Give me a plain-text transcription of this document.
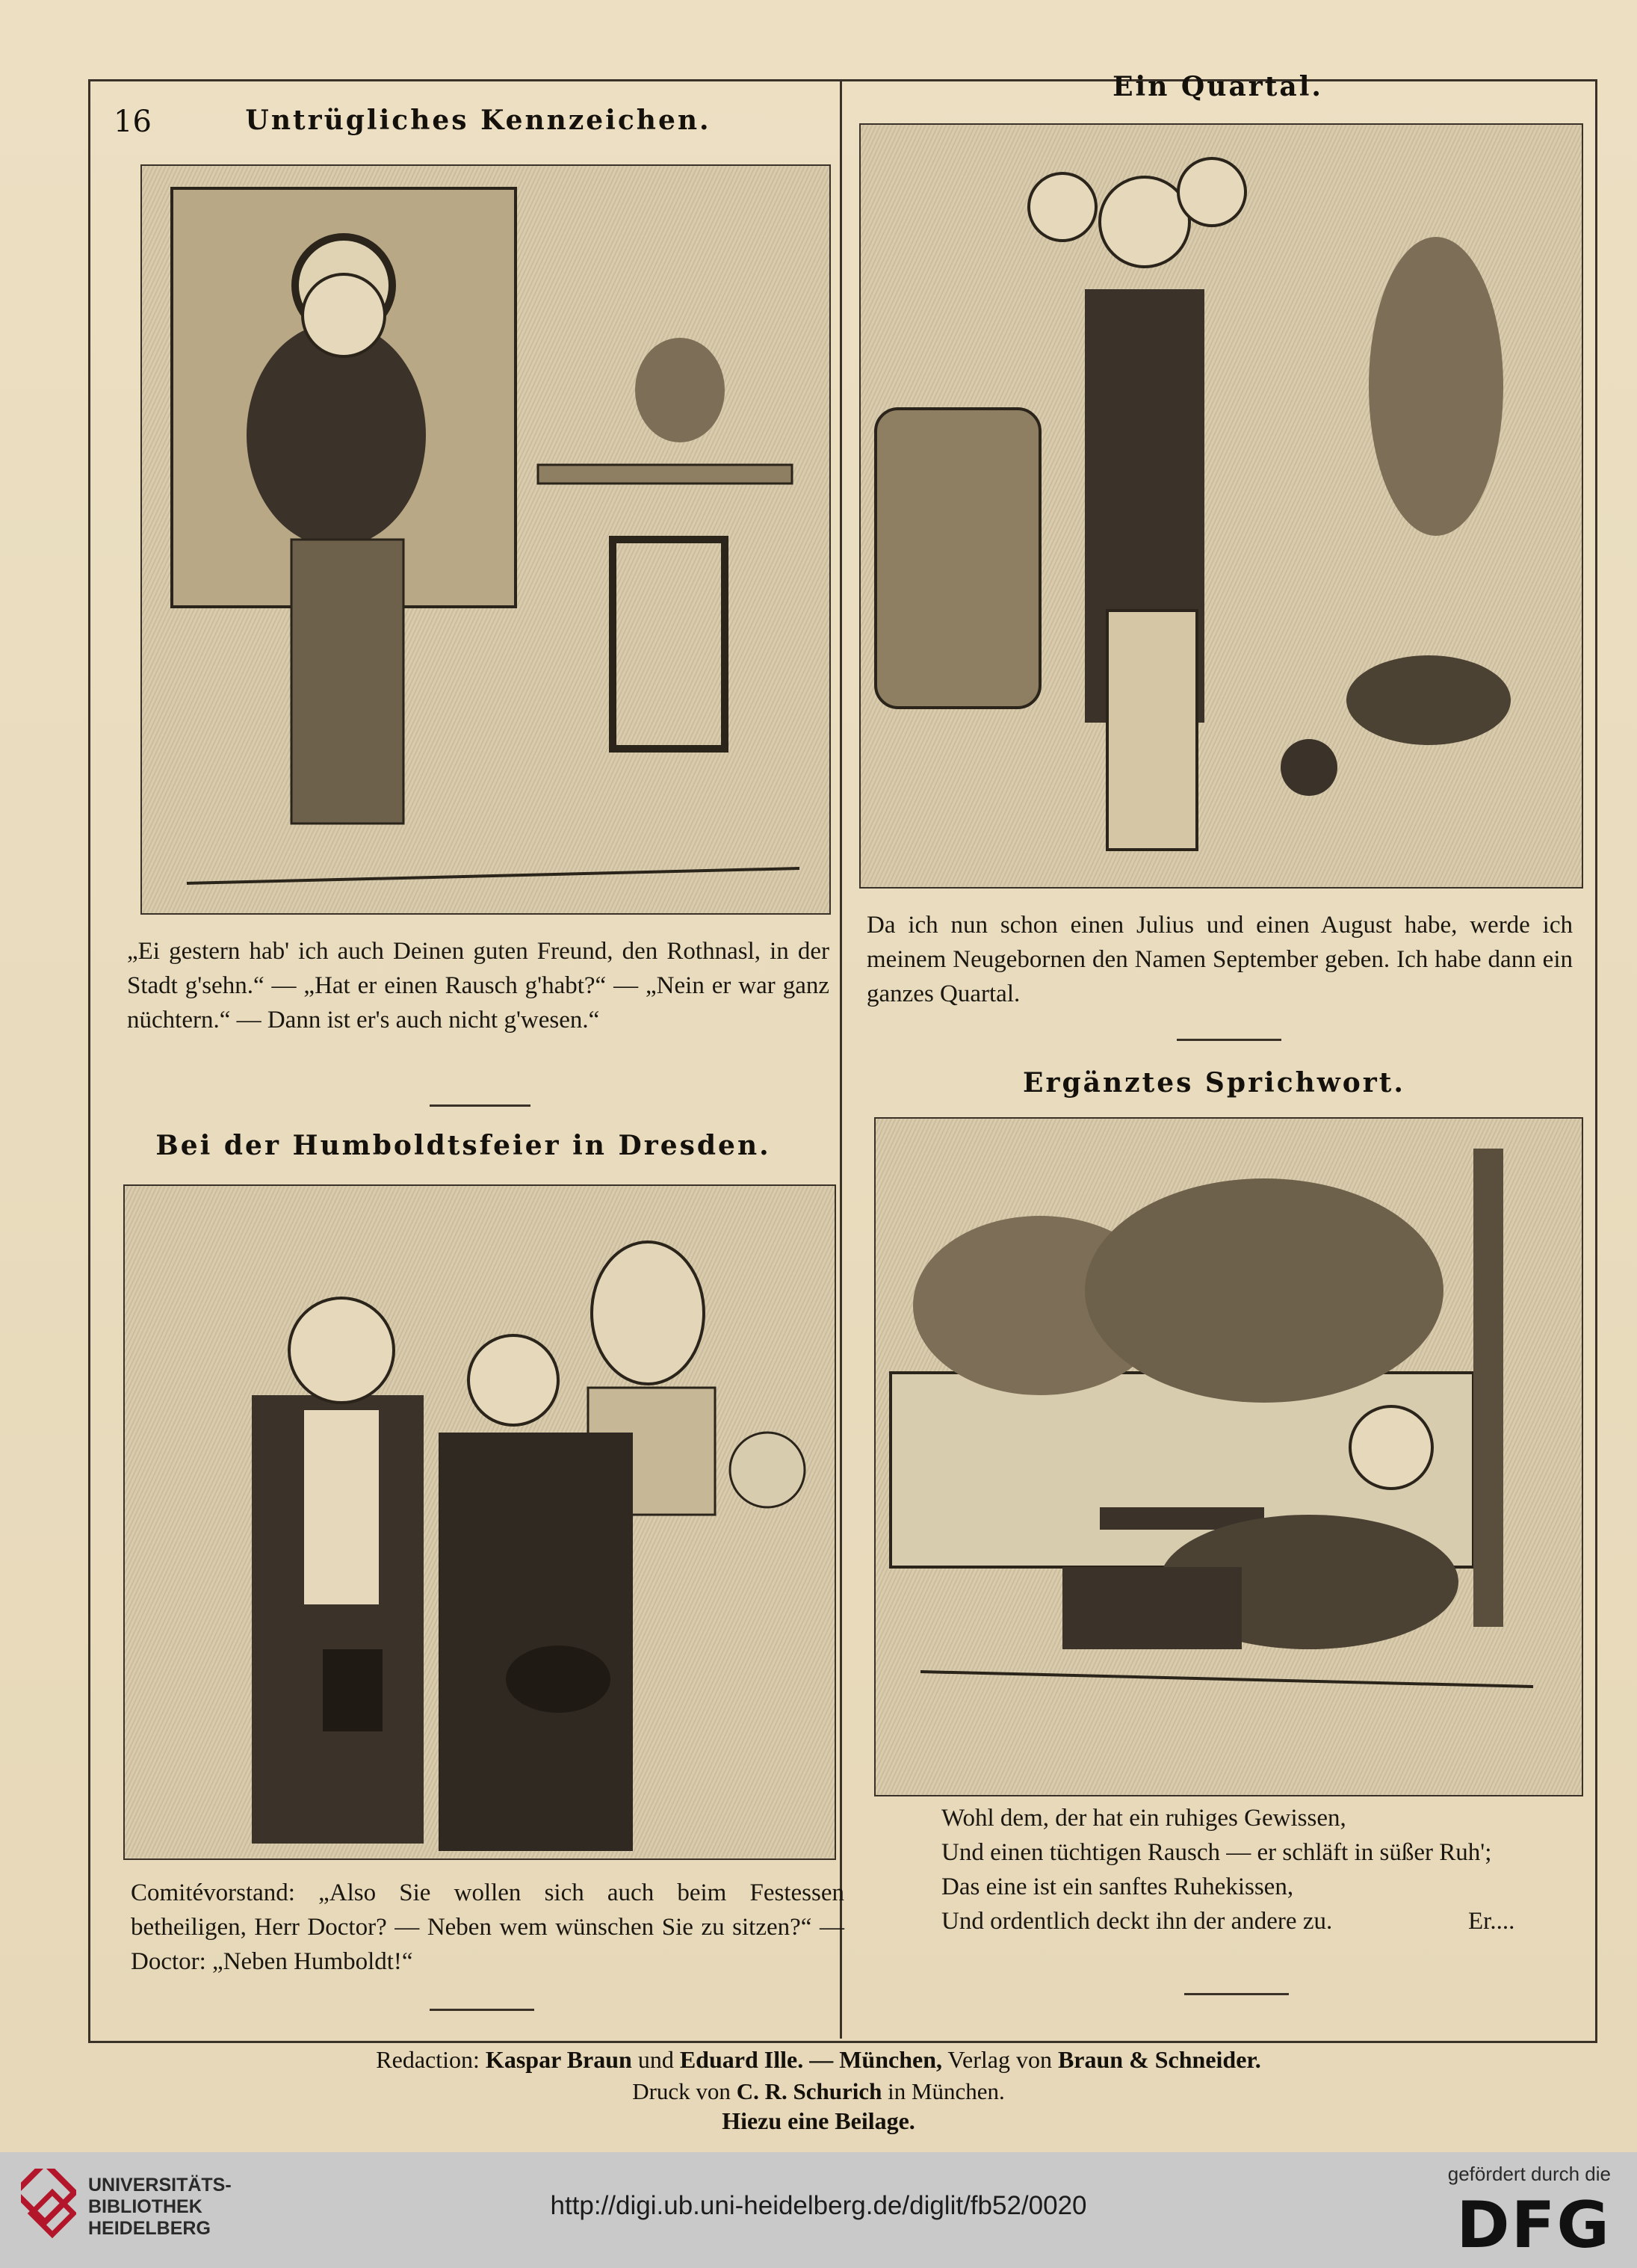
16	Untrügliches Kennzeichen.
„Ei gestern hab' ich auch Deinen guten Freund, den Rothnasl, in der Stadt g'sehn.“ — „Hat er einen Rausch g'habt?“ — „Nein er war ganz nüchtern.“ — Dann ist er's auch nicht g'wesen.“
Ein Quartal.
Da ich nun schon einen Julius und einen August habe, werde ich meinem Neugebornen den Namen September geben. Ich habe dann ein ganzes Quartal.
Ergänztes Sprichwort.
Wohl dem, der hat ein ruhiges Gewissen,
Und einen tüchtigen Rausch — er schläft in süßer Ruh';
Das eine ist ein sanftes Ruhekissen,
Und ordentlich deckt ihn der andere zu.	Er....
Bei der Humboldtsfeier in Dresden.
Comitévorstand: „Also Sie wollen sich auch beim Festessen betheiligen, Herr Doctor? — Neben wem wünschen Sie zu sitzen?“ — Doctor: „Neben Humboldt!“
Redaction: Kaspar Braun und Eduard Ille. — München, Verlag von Braun & Schneider.
Druck von C. R. Schurich in München.
Hiezu eine Beilage.
UNIVERSITÄTS-
BIBLIOTHEK
HEIDELBERG
http://digi.ub.uni-heidelberg.de/diglit/fb52/0020
gefördert durch die
DFG
